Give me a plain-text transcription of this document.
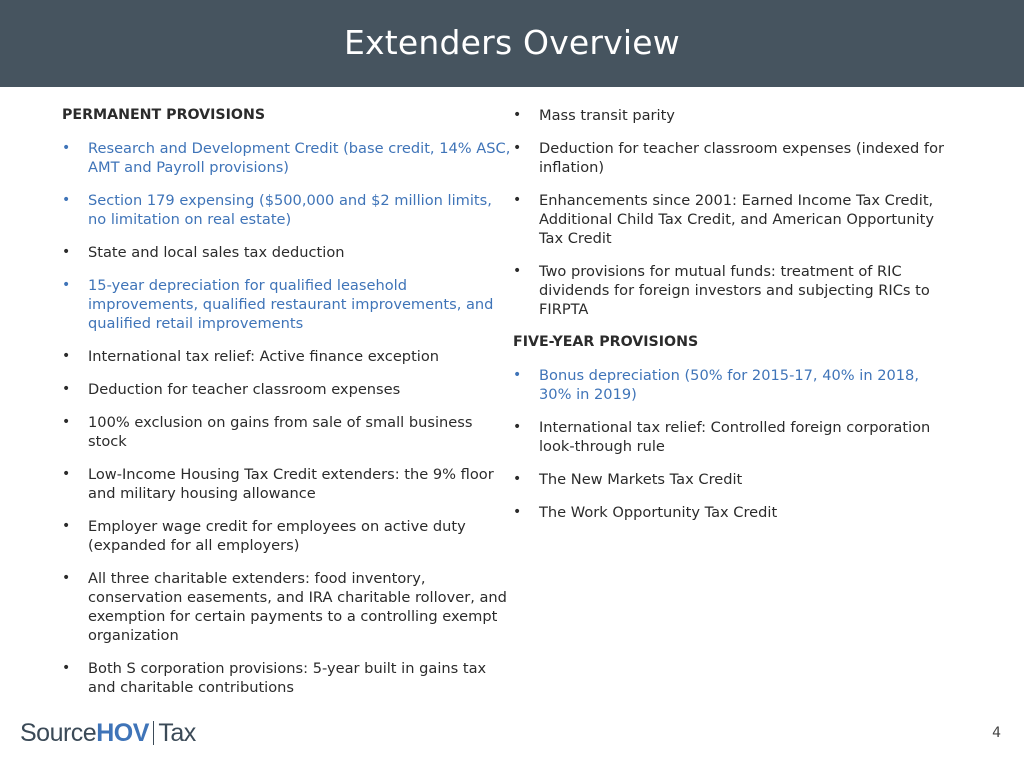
Extenders Overview
PERMANENT PROVISIONS
• Research and Development Credit (base credit, 14% ASC, AMT and Payroll provisions)
• Section 179 expensing ($500,000 and $2 million limits, no limitation on real estate)
• State and local sales tax deduction
• 15-year depreciation for qualified leasehold improvements, qualified restaurant improvements, and qualified retail improvements
• International tax relief: Active finance exception
• Deduction for teacher classroom expenses
• 100% exclusion on gains from sale of small business stock
• Low-Income Housing Tax Credit extenders: the 9% floor and military housing allowance
• Employer wage credit for employees on active duty (expanded for all employers)
• All three charitable extenders: food inventory, conservation easements, and IRA charitable rollover, and exemption for certain payments to a controlling exempt organization
• Both S corporation provisions: 5-year built in gains tax and charitable contributions
• Mass transit parity
• Deduction for teacher classroom expenses (indexed for inflation)
• Enhancements since 2001: Earned Income Tax Credit, Additional Child Tax Credit, and American Opportunity Tax Credit
• Two provisions for mutual funds: treatment of RIC dividends for foreign investors and subjecting RICs to FIRPTA
FIVE-YEAR PROVISIONS
• Bonus depreciation (50% for 2015-17, 40% in 2018, 30% in 2019)
• International tax relief: Controlled foreign corporation look-through rule
• The New Markets Tax Credit
• The Work Opportunity Tax Credit
Source HOV Tax	4
